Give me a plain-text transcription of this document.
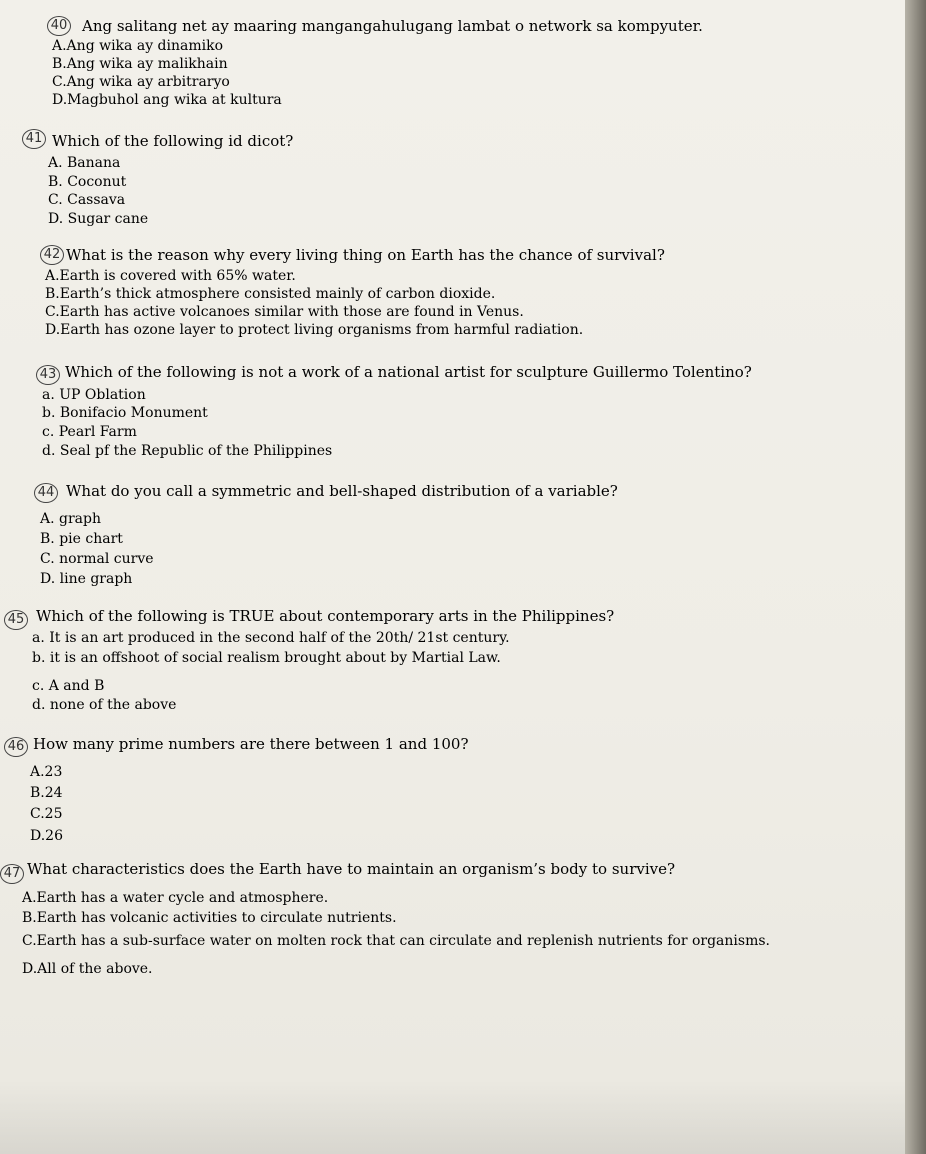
40 Ang salitang net ay maaring mangangahulugang lambat o network sa kompyuter.
A.Ang wika ay dinamiko
B.Ang wika ay malikhain
C.Ang wika ay arbitraryo
D.Magbuhol ang wika at kultura
41 Which of the following id dicot?
A. Banana
B. Coconut
C. Cassava
D. Sugar cane
42 What is the reason why every living thing on Earth has the chance of survival?
A.Earth is covered with 65% water.
B.Earth’s thick atmosphere consisted mainly of carbon dioxide.
C.Earth has active volcanoes similar with those are found in Venus.
D.Earth has ozone layer to protect living organisms from harmful radiation.
43 Which of the following is not a work of a national artist for sculpture Guillermo Tolentino?
a. UP Oblation
b. Bonifacio Monument
c. Pearl Farm
d. Seal pf the Republic of the Philippines
44 What do you call a symmetric and bell-shaped distribution of a variable?
A. graph
B. pie chart
C. normal curve
D. line graph
45 Which of the following is TRUE about contemporary arts in the Philippines?
a. It is an art produced in the second half of the 20th/ 21st century.
b. it is an offshoot of social realism brought about by Martial Law.
c. A and B
d. none of the above
46 How many prime numbers are there between 1 and 100?
A.23
B.24
C.25
D.26
47 What characteristics does the Earth have to maintain an organism’s body to survive?
A.Earth has a water cycle and atmosphere.
B.Earth has volcanic activities to circulate nutrients.
C.Earth has a sub-surface water on molten rock that can circulate and replenish nutrients for organisms.
D.All of the above.
